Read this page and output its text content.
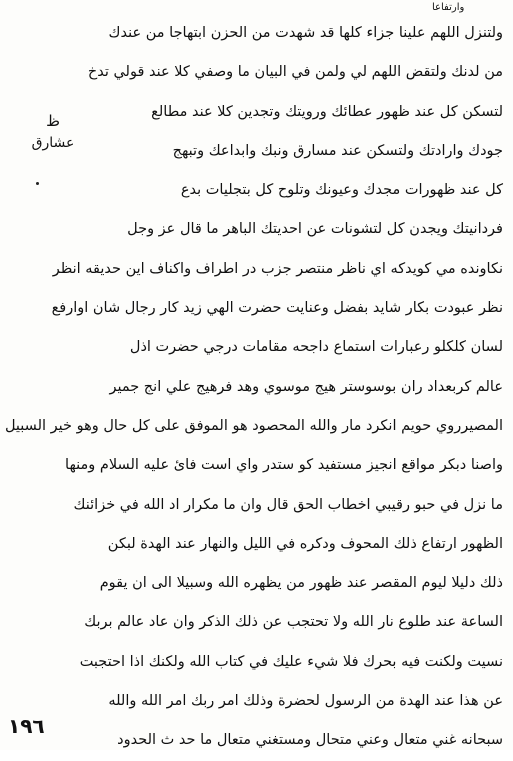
وارتفاعا
ظ
عشارق
ولتنزل اللهم علينا جزاء كلها قد شهدت من الحزن ابتهاجا من عندك
من لدنك ولتقض اللهم لي ولمن في البيان ما وصفي كلا عند قولي تدخ
لتسكن كل عند ظهور عطائك ورويتك وتجدين كلا عند مطالع
جودك وارادتك ولتسكن عند مسارق ونبك وابداعك وتبهج
كل عند ظهورات مجدك وعيونك وتلوح كل بتجليات بدع
فردانيتك ويجدن كل لتشونات عن احديتك الباهر ما قال عز وجل
نكاونده مي كويدكه اي ناظر منتصر جزب در اطراف واكناف اين حديقه انظر
نظر عبودت بكار شايد بفضل وعنايت حضرت الهي زيد كار رجال شان اوارفع
لسان كلكلو رعبارات استماع داجحه مقامات درجي حضرت اذل
عالم كربعداد ران بوسوستر هيج موسوي وهد فرهيج علي انج جمير
المصيرروي حويم انكرد مار والله المحصود هو الموفق على كل حال وهو خير السبيل
واصنا دبكر مواقع انجيز مستفيد كو ستدر واي است فائ عليه السلام ومنها
ما نزل في حبو رقيبي اخطاب الحق قال وان ما مكرار اد الله في خزائنك
الظهور ارتفاع ذلك المحوف ودكره في الليل والنهار عند الهدة لبكن
ذلك دليلا ليوم المقصر عند ظهور من يظهره الله وسبيلا الى ان يقوم
الساعة عند طلوع نار الله ولا تحتجب عن ذلك الذكر وان عاد عالم بربك
نسيت ولكنت فيه بحرك فلا شيء عليك في كتاب الله ولكنك اذا احتجبت
عن هذا عند الهدة من الرسول لحضرة وذلك امر ربك امر الله والله
سبحانه غني متعال وعني متحال ومستغني متعال ما حد ث الحدود
١٩٦
